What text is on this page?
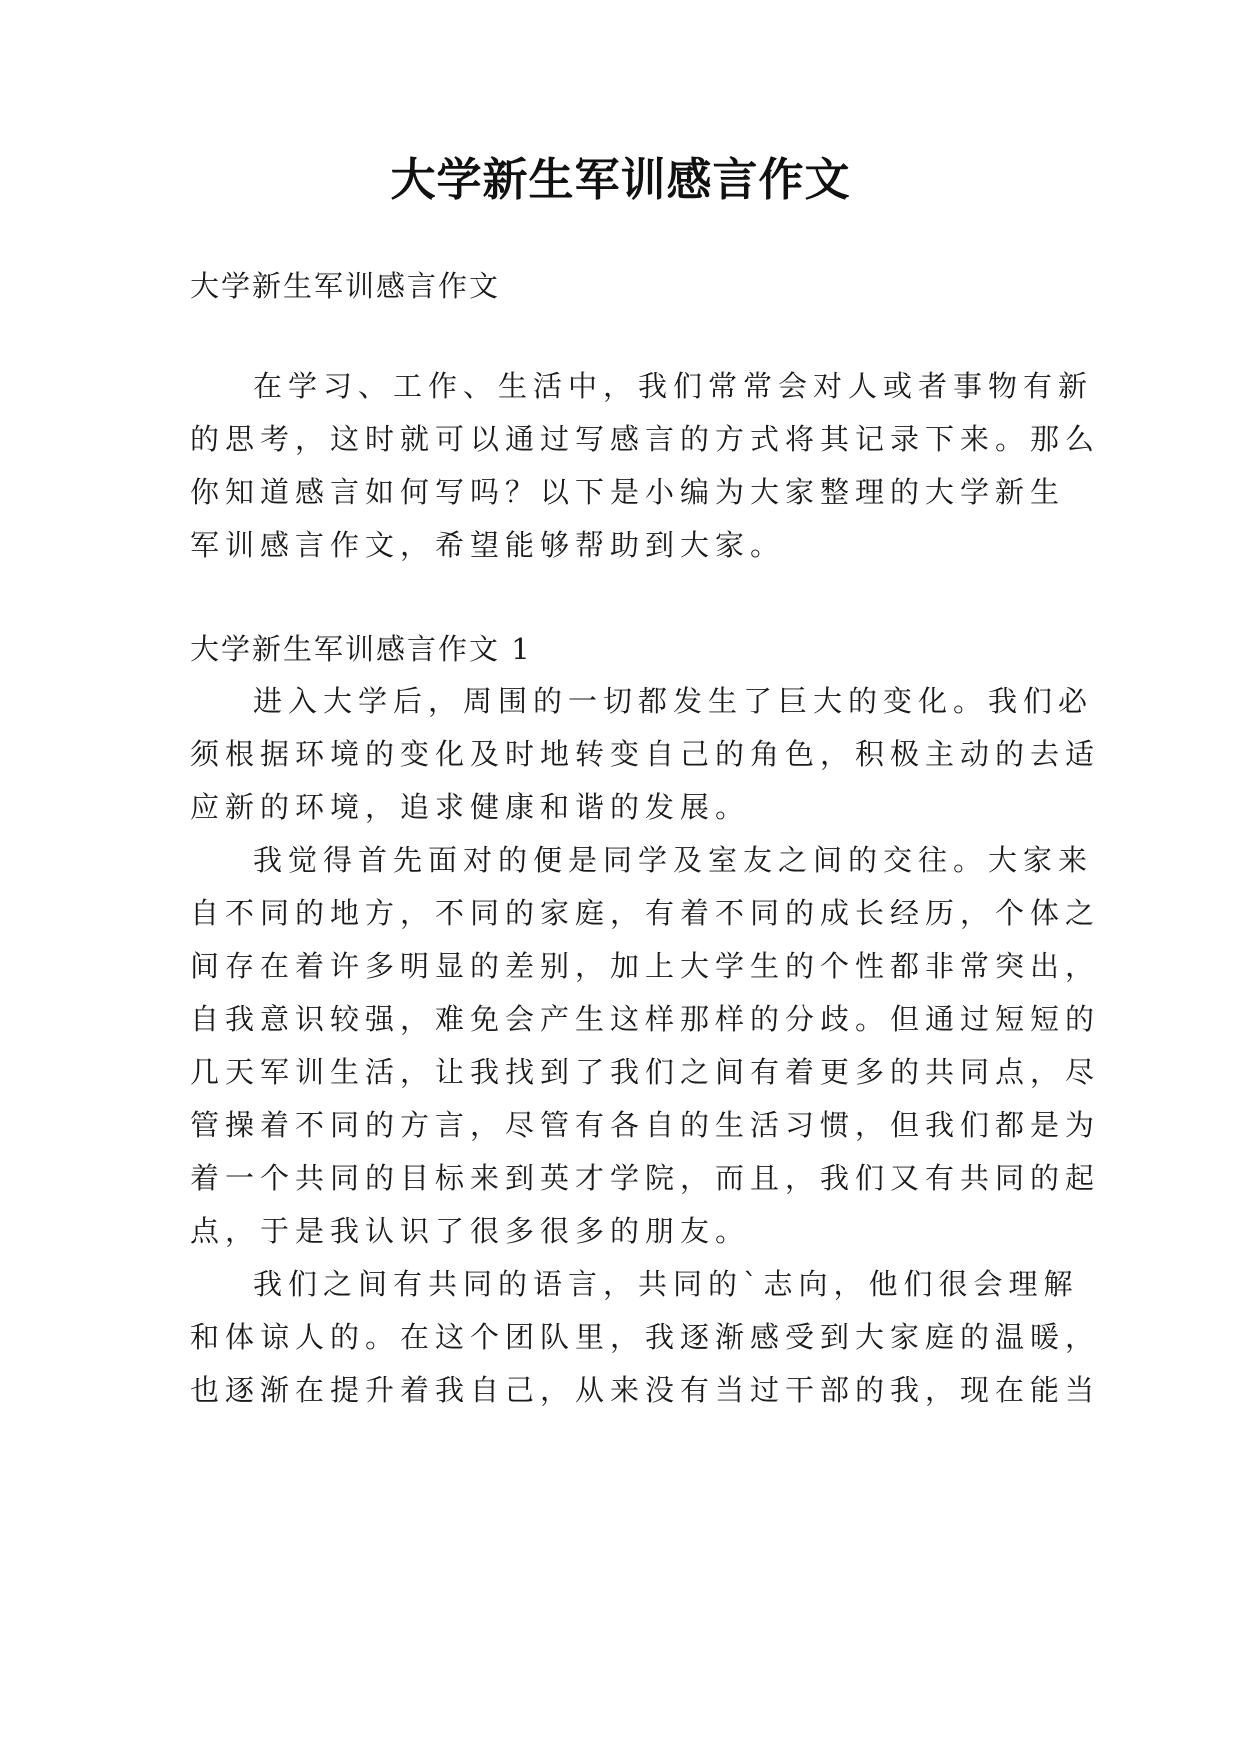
大学新生军训感言作文
大学新生军训感言作文
在学习、工作、生活中，我们常常会对人或者事物有新
的思考，这时就可以通过写感言的方式将其记录下来。那么
你知道感言如何写吗？以下是小编为大家整理的大学新生
军训感言作文，希望能够帮助到大家。
大学新生军训感言作文 1
进入大学后，周围的一切都发生了巨大的变化。我们必
须根据环境的变化及时地转变自己的角色，积极主动的去适
应新的环境，追求健康和谐的发展。
我觉得首先面对的便是同学及室友之间的交往。大家来
自不同的地方，不同的家庭，有着不同的成长经历，个体之
间存在着许多明显的差别，加上大学生的个性都非常突出，
自我意识较强，难免会产生这样那样的分歧。但通过短短的
几天军训生活，让我找到了我们之间有着更多的共同点，尽
管操着不同的方言，尽管有各自的生活习惯，但我们都是为
着一个共同的目标来到英才学院，而且，我们又有共同的起
点，于是我认识了很多很多的朋友。
我们之间有共同的语言，共同的`志向，他们很会理解
和体谅人的。在这个团队里，我逐渐感受到大家庭的温暖，
也逐渐在提升着我自己，从来没有当过干部的我，现在能当
